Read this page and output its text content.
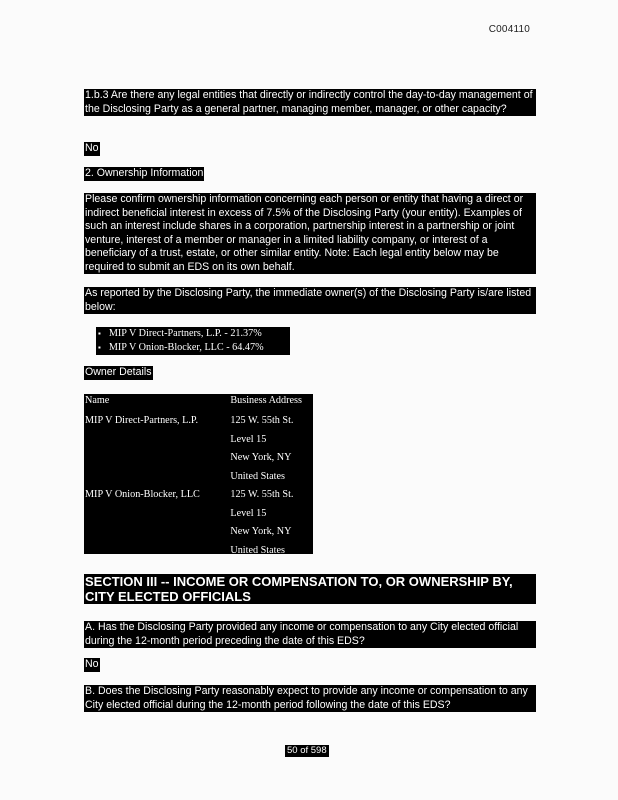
C004110
1.b.3 Are there any legal entities that directly or indirectly control the day-to-day management of the Disclosing Party as a general partner, managing member, manager, or other capacity?
No
2. Ownership Information
Please confirm ownership information concerning each person or entity that having a direct or indirect beneficial interest in excess of 7.5% of the Disclosing Party (your entity). Examples of such an interest include shares in a corporation, partnership interest in a partnership or joint venture, interest of a member or manager in a limited liability company, or interest of a beneficiary of a trust, estate, or other similar entity. Note: Each legal entity below may be required to submit an EDS on its own behalf.
As reported by the Disclosing Party, the immediate owner(s) of the Disclosing Party is/are listed below:
▪ MIP V Direct-Partners, L.P. - 21.37%
▪ MIP V Onion-Blocker, LLC - 64.47%
Owner Details
Name	Business Address
MIP V Direct-Partners, L.P.	125 W. 55th St.
Level 15
New York, NY
United States
MIP V Onion-Blocker, LLC	125 W. 55th St.
Level 15
New York, NY
United States
SECTION III -- INCOME OR COMPENSATION TO, OR OWNERSHIP BY, CITY ELECTED OFFICIALS
A. Has the Disclosing Party provided any income or compensation to any City elected official during the 12-month period preceding the date of this EDS?
No
B. Does the Disclosing Party reasonably expect to provide any income or compensation to any City elected official during the 12-month period following the date of this EDS?
50 of 598
